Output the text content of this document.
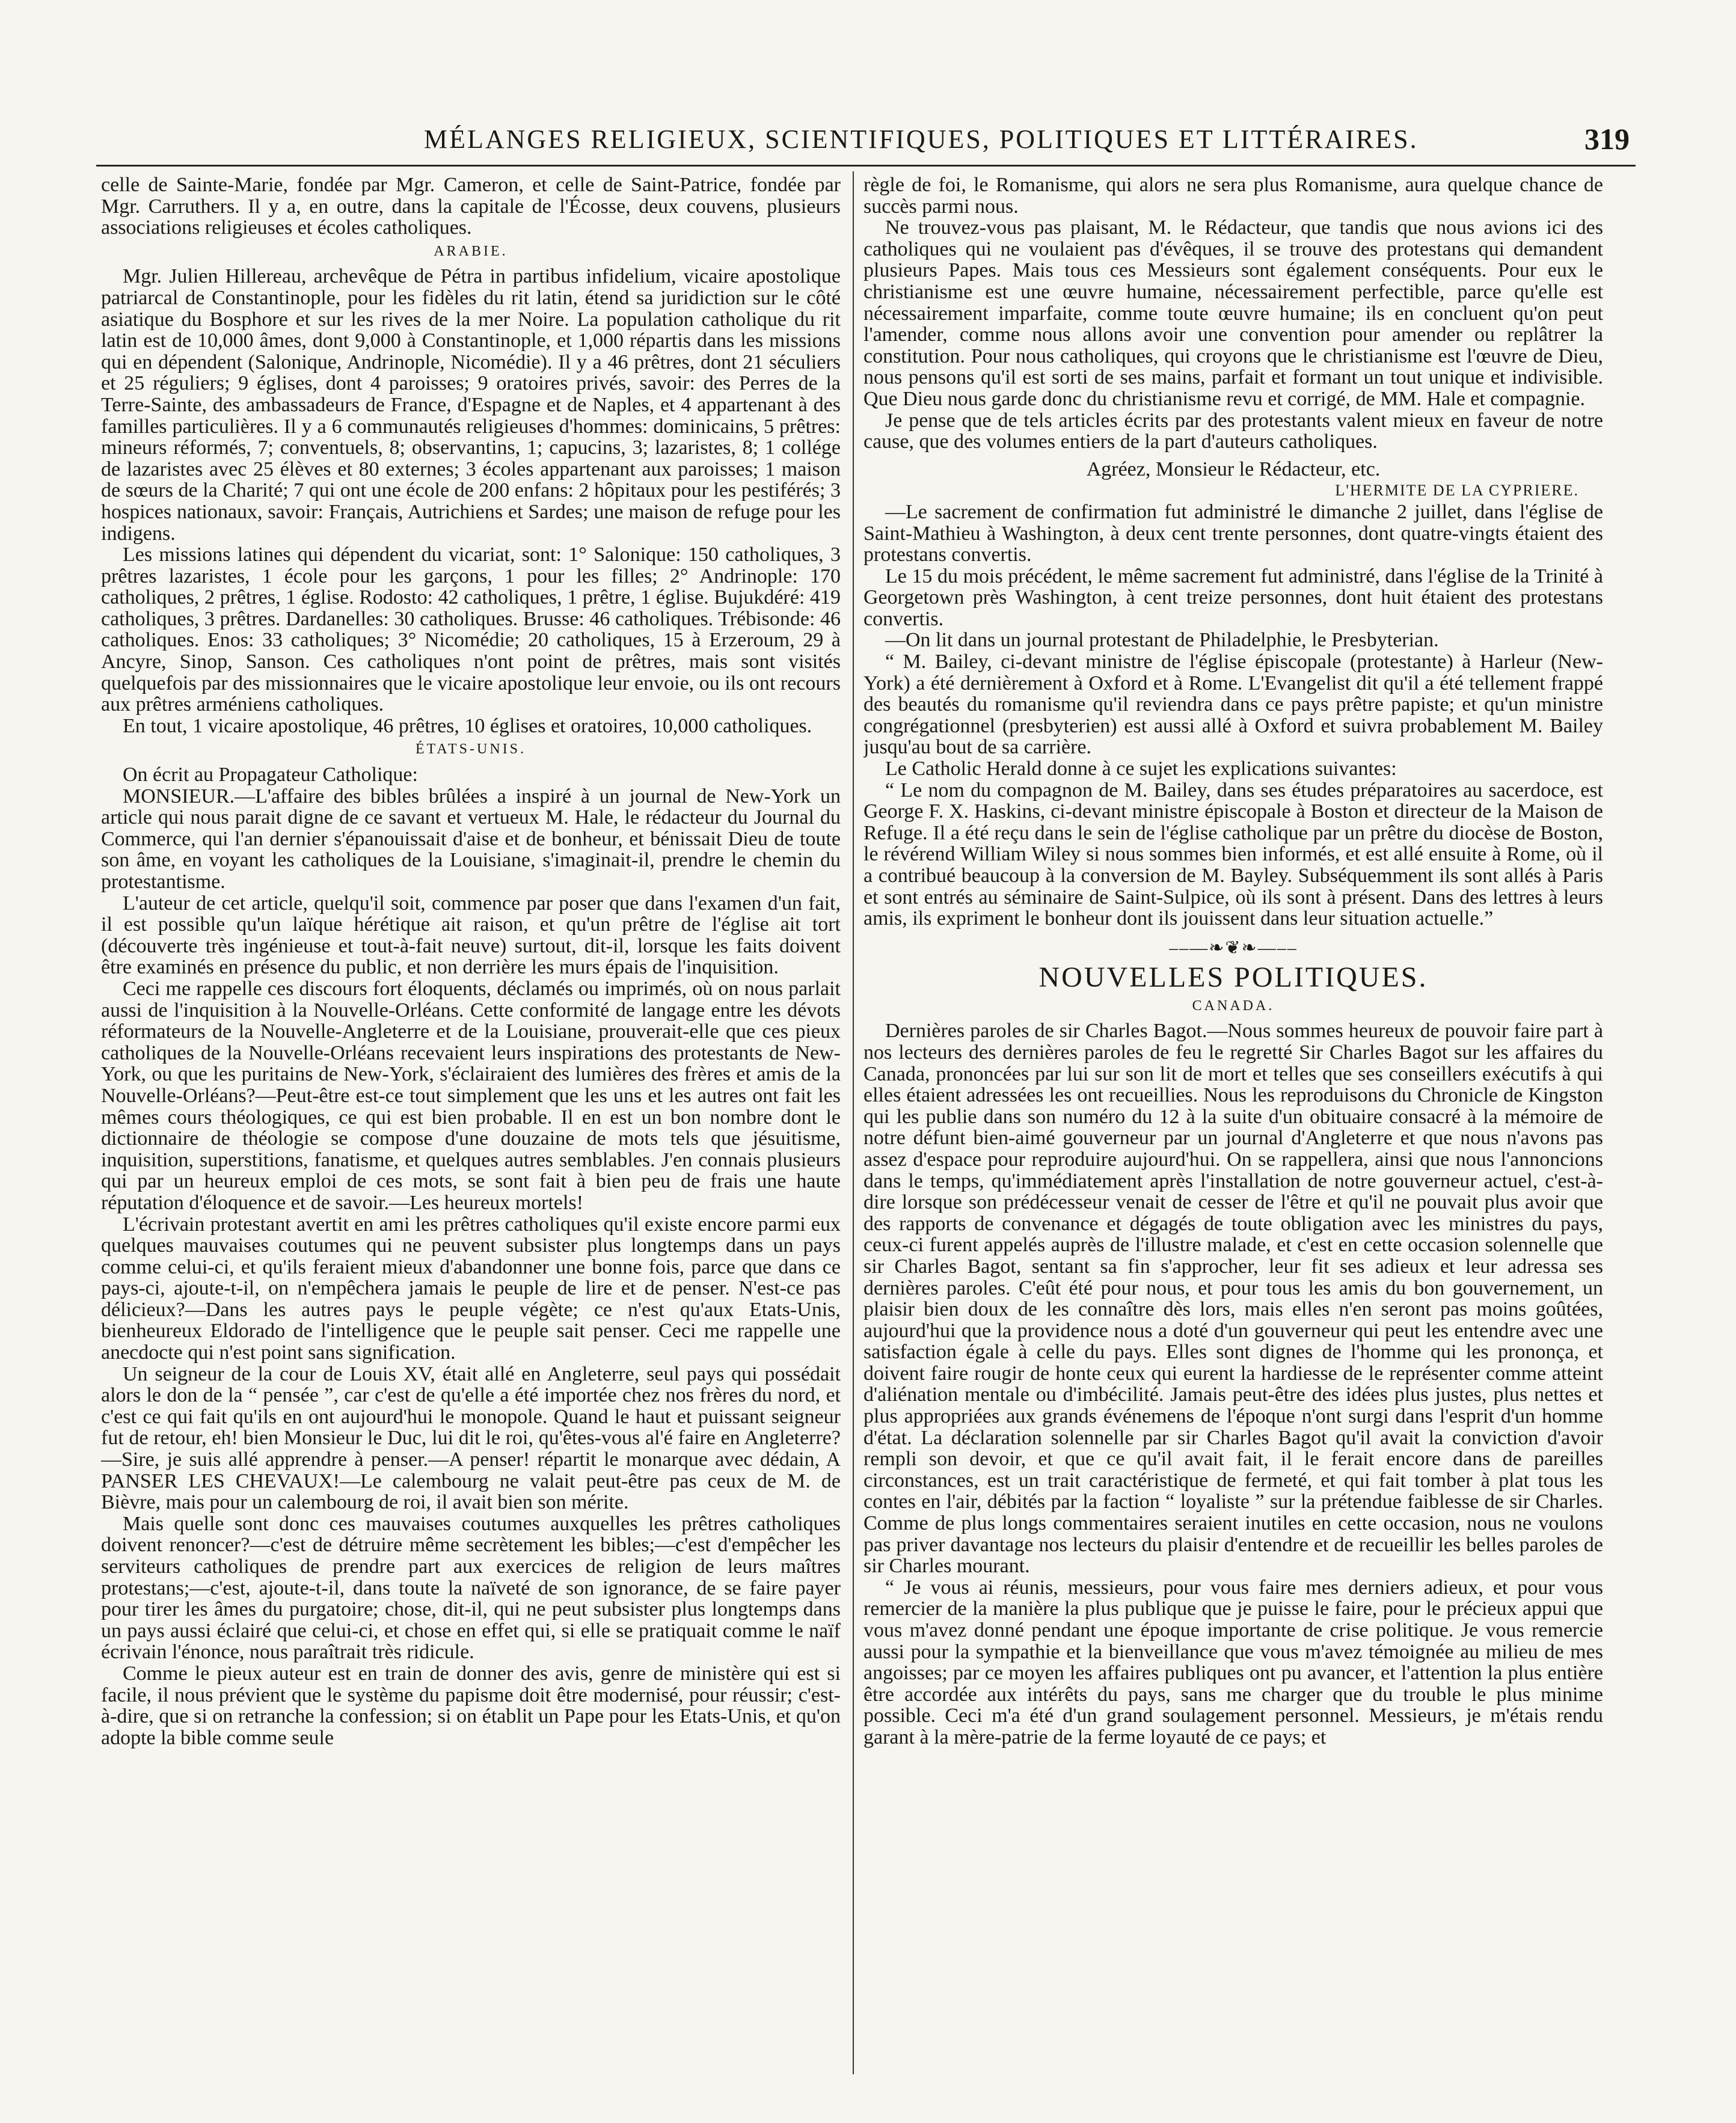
MÉLANGES RELIGIEUX, SCIENTIFIQUES, POLITIQUES ET LITTÉRAIRES.	319

celle de Sainte-Marie, fondée par Mgr. Cameron, et celle de Saint-Patrice, fondée par Mgr. Carruthers. Il y a, en outre, dans la capitale de l'Écosse, deux couvens, plusieurs associations religieuses et écoles catholiques.

ARABIE.

Mgr. Julien Hillereau, archevêque de Pétra in partibus infidelium, vicaire apostolique patriarcal de Constantinople, pour les fidèles du rit latin, étend sa juridiction sur le côté asiatique du Bosphore et sur les rives de la mer Noire. La population catholique du rit latin est de 10,000 âmes, dont 9,000 à Constantinople, et 1,000 répartis dans les missions qui en dépendent (Salonique, Andrinople, Nicomédie). Il y a 46 prêtres, dont 21 séculiers et 25 réguliers; 9 églises, dont 4 paroisses; 9 oratoires privés, savoir: des Perres de la Terre-Sainte, des ambassadeurs de France, d'Espagne et de Naples, et 4 appartenant à des familles particulières. Il y a 6 communautés religieuses d'hommes: dominicains, 5 prêtres: mineurs réformés, 7; conventuels, 8; observantins, 1; capucins, 3; lazaristes, 8; 1 collége de lazaristes avec 25 élèves et 80 externes; 3 écoles appartenant aux paroisses; 1 maison de sœurs de la Charité; 7 qui ont une école de 200 enfans: 2 hôpitaux pour les pestiférés; 3 hospices nationaux, savoir: Français, Autrichiens et Sardes; une maison de refuge pour les indigens.

Les missions latines qui dépendent du vicariat, sont: 1° Salonique: 150 catholiques, 3 prêtres lazaristes, 1 école pour les garçons, 1 pour les filles; 2° Andrinople: 170 catholiques, 2 prêtres, 1 église. Rodosto: 42 catholiques, 1 prêtre, 1 église. Bujukdéré: 419 catholiques, 3 prêtres. Dardanelles: 30 catholiques. Brusse: 46 catholiques. Trébisonde: 46 catholiques. Enos: 33 catholiques; 3° Nicomédie; 20 catholiques, 15 à Erzeroum, 29 à Ancyre, Sinop, Sanson. Ces catholiques n'ont point de prêtres, mais sont visités quelquefois par des missionnaires que le vicaire apostolique leur envoie, ou ils ont recours aux prêtres arméniens catholiques.

En tout, 1 vicaire apostolique, 46 prêtres, 10 églises et oratoires, 10,000 catholiques.

ÉTATS-UNIS.

On écrit au Propagateur Catholique:

MONSIEUR.—L'affaire des bibles brûlées a inspiré à un journal de New-York un article qui nous parait digne de ce savant et vertueux M. Hale, le rédacteur du Journal du Commerce, qui l'an dernier s'épanouissait d'aise et de bonheur, et bénissait Dieu de toute son âme, en voyant les catholiques de la Louisiane, s'imaginait-il, prendre le chemin du protestantisme.

L'auteur de cet article, quelqu'il soit, commence par poser que dans l'examen d'un fait, il est possible qu'un laïque hérétique ait raison, et qu'un prêtre de l'église ait tort (découverte très ingénieuse et tout-à-fait neuve) surtout, dit-il, lorsque les faits doivent être examinés en présence du public, et non derrière les murs épais de l'inquisition.

Ceci me rappelle ces discours fort éloquents, déclamés ou imprimés, où on nous parlait aussi de l'inquisition à la Nouvelle-Orléans. Cette conformité de langage entre les dévots réformateurs de la Nouvelle-Angleterre et de la Louisiane, prouverait-elle que ces pieux catholiques de la Nouvelle-Orléans recevaient leurs inspirations des protestants de New-York, ou que les puritains de New-York, s'éclairaient des lumières des frères et amis de la Nouvelle-Orléans?—Peut-être est-ce tout simplement que les uns et les autres ont fait les mêmes cours théologiques, ce qui est bien probable. Il en est un bon nombre dont le dictionnaire de théologie se compose d'une douzaine de mots tels que jésuitisme, inquisition, superstitions, fanatisme, et quelques autres semblables. J'en connais plusieurs qui par un heureux emploi de ces mots, se sont fait à bien peu de frais une haute réputation d'éloquence et de savoir.—Les heureux mortels!

L'écrivain protestant avertit en ami les prêtres catholiques qu'il existe encore parmi eux quelques mauvaises coutumes qui ne peuvent subsister plus longtemps dans un pays comme celui-ci, et qu'ils feraient mieux d'abandonner une bonne fois, parce que dans ce pays-ci, ajoute-t-il, on n'empêchera jamais le peuple de lire et de penser. N'est-ce pas délicieux?—Dans les autres pays le peuple végète; ce n'est qu'aux Etats-Unis, bienheureux Eldorado de l'intelligence que le peuple sait penser. Ceci me rappelle une anecdocte qui n'est point sans signification.

Un seigneur de la cour de Louis XV, était allé en Angleterre, seul pays qui possédait alors le don de la “ pensée ”, car c'est de qu'elle a été importée chez nos frères du nord, et c'est ce qui fait qu'ils en ont aujourd'hui le monopole. Quand le haut et puissant seigneur fut de retour, eh! bien Monsieur le Duc, lui dit le roi, qu'êtes-vous al'é faire en Angleterre?—Sire, je suis allé apprendre à penser.—A penser! répartit le monarque avec dédain, A PANSER LES CHEVAUX!—Le calembourg ne valait peut-être pas ceux de M. de Bièvre, mais pour un calembourg de roi, il avait bien son mérite.

Mais quelle sont donc ces mauvaises coutumes auxquelles les prêtres catholiques doivent renoncer?—c'est de détruire même secrètement les bibles;—c'est d'empêcher les serviteurs catholiques de prendre part aux exercices de religion de leurs maîtres protestans;—c'est, ajoute-t-il, dans toute la naïveté de son ignorance, de se faire payer pour tirer les âmes du purgatoire; chose, dit-il, qui ne peut subsister plus longtemps dans un pays aussi éclairé que celui-ci, et chose en effet qui, si elle se pratiquait comme le naïf écrivain l'énonce, nous paraîtrait très ridicule.

Comme le pieux auteur est en train de donner des avis, genre de ministère qui est si facile, il nous prévient que le système du papisme doit être modernisé, pour réussir; c'est-à-dire, que si on retranche la confession; si on établit un Pape pour les Etats-Unis, et qu'on adopte la bible comme seule

règle de foi, le Romanisme, qui alors ne sera plus Romanisme, aura quelque chance de succès parmi nous.

Ne trouvez-vous pas plaisant, M. le Rédacteur, que tandis que nous avions ici des catholiques qui ne voulaient pas d'évêques, il se trouve des protestans qui demandent plusieurs Papes. Mais tous ces Messieurs sont également conséquents. Pour eux le christianisme est une œuvre humaine, nécessairement perfectible, parce qu'elle est nécessairement imparfaite, comme toute œuvre humaine; ils en concluent qu'on peut l'amender, comme nous allons avoir une convention pour amender ou replâtrer la constitution. Pour nous catholiques, qui croyons que le christianisme est l'œuvre de Dieu, nous pensons qu'il est sorti de ses mains, parfait et formant un tout unique et indivisible. Que Dieu nous garde donc du christianisme revu et corrigé, de MM. Hale et compagnie.

Je pense que de tels articles écrits par des protestants valent mieux en faveur de notre cause, que des volumes entiers de la part d'auteurs catholiques.

Agréez, Monsieur le Rédacteur, etc.
L'HERMITE DE LA CYPRIERE.

—Le sacrement de confirmation fut administré le dimanche 2 juillet, dans l'église de Saint-Mathieu à Washington, à deux cent trente personnes, dont quatre-vingts étaient des protestans convertis.

Le 15 du mois précédent, le même sacrement fut administré, dans l'église de la Trinité à Georgetown près Washington, à cent treize personnes, dont huit étaient des protestans convertis.

—On lit dans un journal protestant de Philadelphie, le Presbyterian.

“ M. Bailey, ci-devant ministre de l'église épiscopale (protestante) à Harleur (New-York) a été dernièrement à Oxford et à Rome. L'Evangelist dit qu'il a été tellement frappé des beautés du romanisme qu'il reviendra dans ce pays prêtre papiste; et qu'un ministre congrégationnel (presbyterien) est aussi allé à Oxford et suivra probablement M. Bailey jusqu'au bout de sa carrière.

Le Catholic Herald donne à ce sujet les explications suivantes:

“ Le nom du compagnon de M. Bailey, dans ses études préparatoires au sacerdoce, est George F. X. Haskins, ci-devant ministre épiscopale à Boston et directeur de la Maison de Refuge. Il a été reçu dans le sein de l'église catholique par un prêtre du diocèse de Boston, le révérend William Wiley si nous sommes bien informés, et est allé ensuite à Rome, où il a contribué beaucoup à la conversion de M. Bayley. Subséquemment ils sont allés à Paris et sont entrés au séminaire de Saint-Sulpice, où ils sont à présent. Dans des lettres à leurs amis, ils expriment le bonheur dont ils jouissent dans leur situation actuelle.”

––—❧❦❧—––
NOUVELLES POLITIQUES.
CANADA.

Dernières paroles de sir Charles Bagot.—Nous sommes heureux de pouvoir faire part à nos lecteurs des dernières paroles de feu le regretté Sir Charles Bagot sur les affaires du Canada, prononcées par lui sur son lit de mort et telles que ses conseillers exécutifs à qui elles étaient adressées les ont recueillies. Nous les reproduisons du Chronicle de Kingston qui les publie dans son numéro du 12 à la suite d'un obituaire consacré à la mémoire de notre défunt bien-aimé gouverneur par un journal d'Angleterre et que nous n'avons pas assez d'espace pour reproduire aujourd'hui. On se rappellera, ainsi que nous l'annoncions dans le temps, qu'immédiatement après l'installation de notre gouverneur actuel, c'est-à-dire lorsque son prédécesseur venait de cesser de l'être et qu'il ne pouvait plus avoir que des rapports de convenance et dégagés de toute obligation avec les ministres du pays, ceux-ci furent appelés auprès de l'illustre malade, et c'est en cette occasion solennelle que sir Charles Bagot, sentant sa fin s'approcher, leur fit ses adieux et leur adressa ses dernières paroles. C'eût été pour nous, et pour tous les amis du bon gouvernement, un plaisir bien doux de les connaître dès lors, mais elles n'en seront pas moins goûtées, aujourd'hui que la providence nous a doté d'un gouverneur qui peut les entendre avec une satisfaction égale à celle du pays. Elles sont dignes de l'homme qui les prononça, et doivent faire rougir de honte ceux qui eurent la hardiesse de le représenter comme atteint d'aliénation mentale ou d'imbécilité. Jamais peut-être des idées plus justes, plus nettes et plus appropriées aux grands événemens de l'époque n'ont surgi dans l'esprit d'un homme d'état. La déclaration solennelle par sir Charles Bagot qu'il avait la conviction d'avoir rempli son devoir, et que ce qu'il avait fait, il le ferait encore dans de pareilles circonstances, est un trait caractéristique de fermeté, et qui fait tomber à plat tous les contes en l'air, débités par la faction “ loyaliste ” sur la prétendue faiblesse de sir Charles. Comme de plus longs commentaires seraient inutiles en cette occasion, nous ne voulons pas priver davantage nos lecteurs du plaisir d'entendre et de recueillir les belles paroles de sir Charles mourant.

“ Je vous ai réunis, messieurs, pour vous faire mes derniers adieux, et pour vous remercier de la manière la plus publique que je puisse le faire, pour le précieux appui que vous m'avez donné pendant une époque importante de crise politique. Je vous remercie aussi pour la sympathie et la bienveillance que vous m'avez témoignée au milieu de mes angoisses; par ce moyen les affaires publiques ont pu avancer, et l'attention la plus entière être accordée aux intérêts du pays, sans me charger que du trouble le plus minime possible. Ceci m'a été d'un grand soulagement personnel. Messieurs, je m'étais rendu garant à la mère-patrie de la ferme loyauté de ce pays; et
